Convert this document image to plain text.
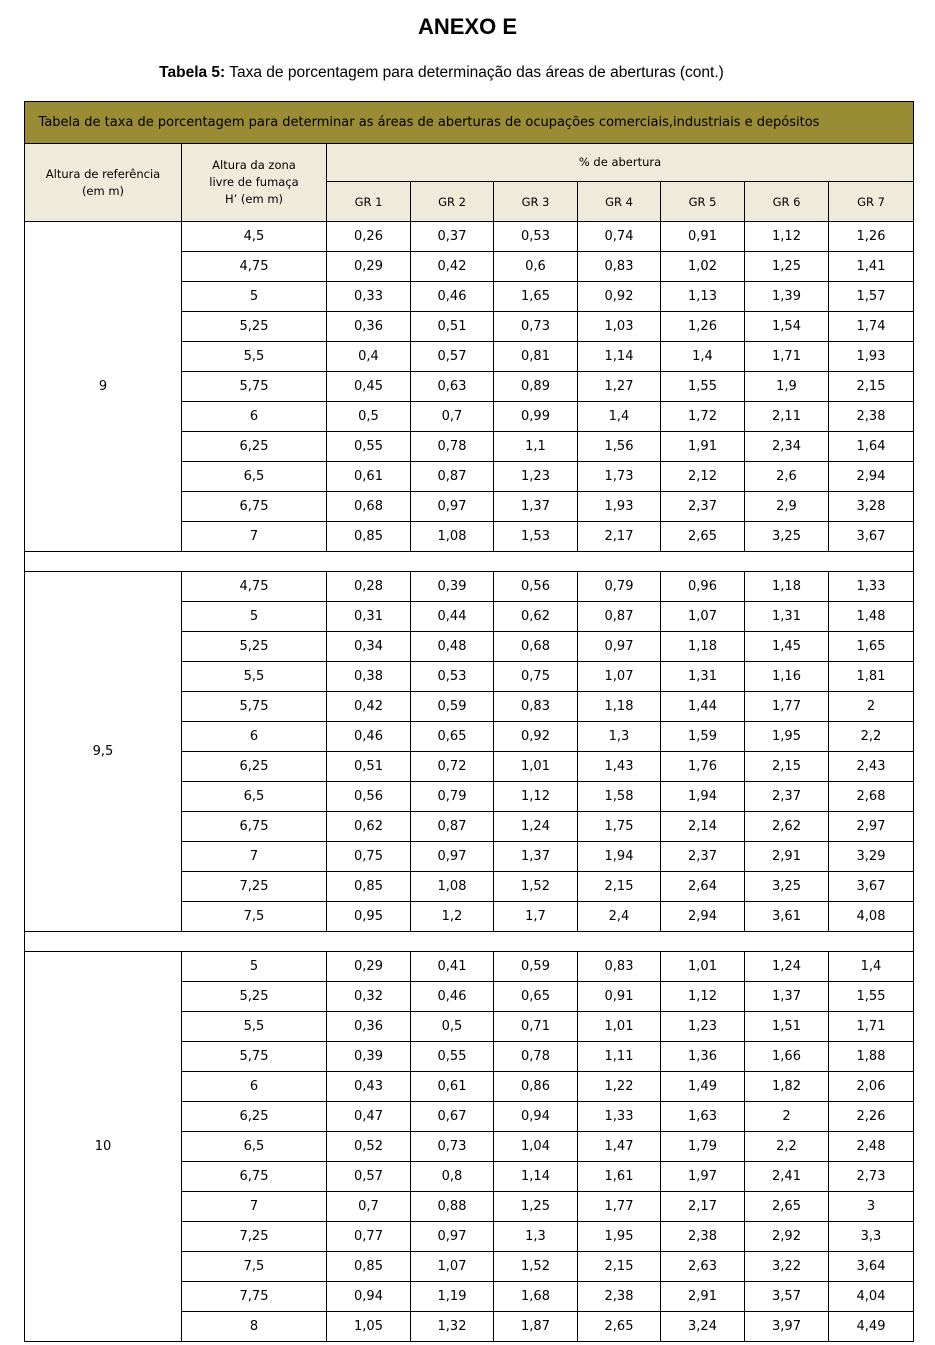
ANEXO E
Tabela 5: Taxa de porcentagem para determinação das áreas de aberturas (cont.)
Tabela de taxa de porcentagem para determinar as áreas de aberturas de ocupações comerciais,industriais e depósitos								
Altura de referência (em m)	Altura da zona livre de fumaça H’ (em m)	% de abertura						
		GR 1	GR 2	GR 3	GR 4	GR 5	GR 6	GR 7
9	4,5	0,26	0,37	0,53	0,74	0,91	1,12	1,26
	4,75	0,29	0,42	0,6	0,83	1,02	1,25	1,41
	5	0,33	0,46	1,65	0,92	1,13	1,39	1,57
	5,25	0,36	0,51	0,73	1,03	1,26	1,54	1,74
	5,5	0,4	0,57	0,81	1,14	1,4	1,71	1,93
	5,75	0,45	0,63	0,89	1,27	1,55	1,9	2,15
	6	0,5	0,7	0,99	1,4	1,72	2,11	2,38
	6,25	0,55	0,78	1,1	1,56	1,91	2,34	1,64
	6,5	0,61	0,87	1,23	1,73	2,12	2,6	2,94
	6,75	0,68	0,97	1,37	1,93	2,37	2,9	3,28
	7	0,85	1,08	1,53	2,17	2,65	3,25	3,67

9,5	4,75	0,28	0,39	0,56	0,79	0,96	1,18	1,33
	5	0,31	0,44	0,62	0,87	1,07	1,31	1,48
	5,25	0,34	0,48	0,68	0,97	1,18	1,45	1,65
	5,5	0,38	0,53	0,75	1,07	1,31	1,16	1,81
	5,75	0,42	0,59	0,83	1,18	1,44	1,77	2
	6	0,46	0,65	0,92	1,3	1,59	1,95	2,2
	6,25	0,51	0,72	1,01	1,43	1,76	2,15	2,43
	6,5	0,56	0,79	1,12	1,58	1,94	2,37	2,68
	6,75	0,62	0,87	1,24	1,75	2,14	2,62	2,97
	7	0,75	0,97	1,37	1,94	2,37	2,91	3,29
	7,25	0,85	1,08	1,52	2,15	2,64	3,25	3,67
	7,5	0,95	1,2	1,7	2,4	2,94	3,61	4,08

10	5	0,29	0,41	0,59	0,83	1,01	1,24	1,4
	5,25	0,32	0,46	0,65	0,91	1,12	1,37	1,55
	5,5	0,36	0,5	0,71	1,01	1,23	1,51	1,71
	5,75	0,39	0,55	0,78	1,11	1,36	1,66	1,88
	6	0,43	0,61	0,86	1,22	1,49	1,82	2,06
	6,25	0,47	0,67	0,94	1,33	1,63	2	2,26
	6,5	0,52	0,73	1,04	1,47	1,79	2,2	2,48
	6,75	0,57	0,8	1,14	1,61	1,97	2,41	2,73
	7	0,7	0,88	1,25	1,77	2,17	2,65	3
	7,25	0,77	0,97	1,3	1,95	2,38	2,92	3,3
	7,5	0,85	1,07	1,52	2,15	2,63	3,22	3,64
	7,75	0,94	1,19	1,68	2,38	2,91	3,57	4,04
	8	1,05	1,32	1,87	2,65	3,24	3,97	4,49
